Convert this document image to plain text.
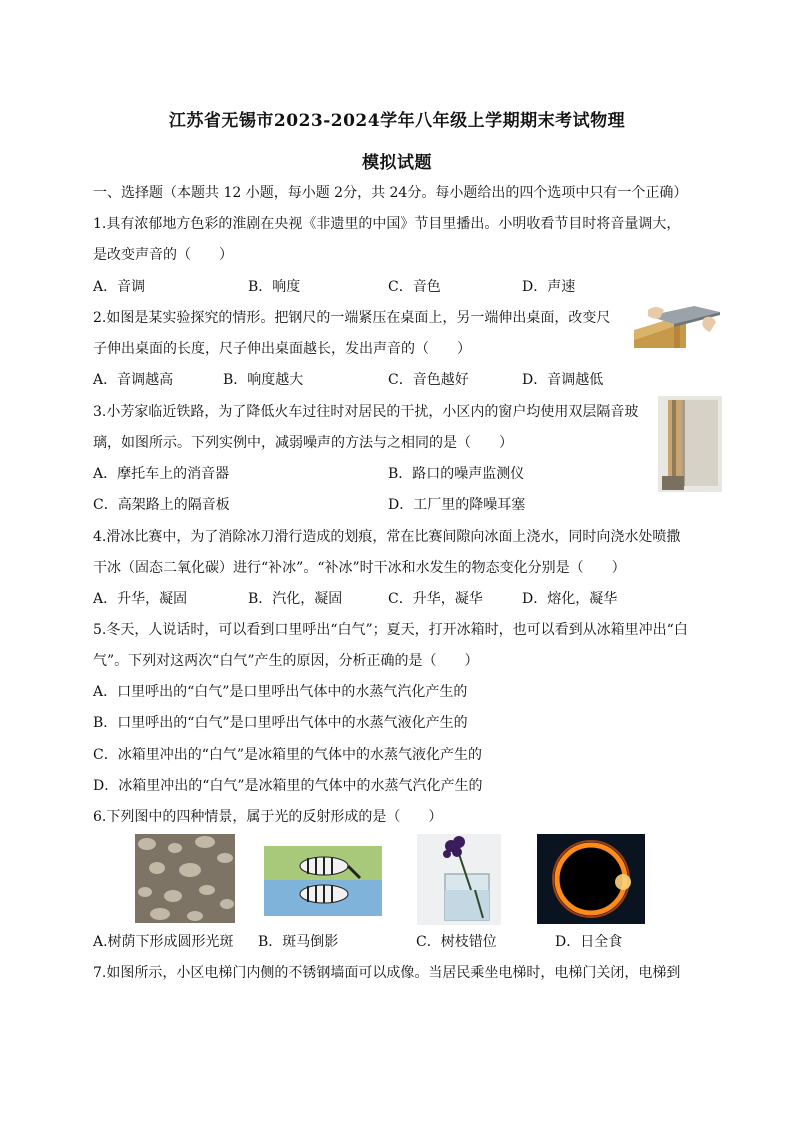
江苏省无锡市2023-2024学年八年级上学期期末考试物理
模拟试题
一、选择题（本题共 12 小题，每小题 2分，共 24分。每小题给出的四个选项中只有一个正确）
1.具有浓郁地方色彩的淮剧在央视《非遗里的中国》节目里播出。小明收看节目时将音量调大，
是改变声音的（　　）
A．音调	B．响度	C．音色	D．声速
2.如图是某实验探究的情形。把钢尺的一端紧压在桌面上，另一端伸出桌面，改变尺
子伸出桌面的长度，尺子伸出桌面越长，发出声音的（　　）
A．音调越高	B．响度越大	C．音色越好	D．音调越低
3.小芳家临近铁路，为了降低火车过往时对居民的干扰，小区内的窗户均使用双层隔音玻
璃，如图所示。下列实例中，减弱噪声的方法与之相同的是（　　）
A．摩托车上的消音器	B．路口的噪声监测仪
C．高架路上的隔音板	D．工厂里的降噪耳塞
4.滑冰比赛中，为了消除冰刀滑行造成的划痕，常在比赛间隙向冰面上浇水，同时向浇水处喷撒
干冰（固态二氧化碳）进行“补冰”。“补冰”时干冰和水发生的物态变化分别是（　　）
A．升华，凝固	B．汽化，凝固	C．升华，凝华	D．熔化，凝华
5.冬天，人说话时，可以看到口里呼出“白气”；夏天，打开冰箱时，也可以看到从冰箱里冲出“白
气”。下列对这两次“白气”产生的原因，分析正确的是（　　）
A．口里呼出的“白气”是口里呼出气体中的水蒸气汽化产生的
B．口里呼出的“白气”是口里呼出气体中的水蒸气液化产生的
C．冰箱里冲出的“白气”是冰箱里的气体中的水蒸气液化产生的
D．冰箱里冲出的“白气”是冰箱里的气体中的水蒸气汽化产生的
6.下列图中的四种情景，属于光的反射形成的是（　　）
A.树荫下形成圆形光斑 B．斑马倒影	C．树枝错位	D．日全食
7.如图所示，小区电梯门内侧的不锈钢墙面可以成像。当居民乘坐电梯时，电梯门关闭，电梯到
